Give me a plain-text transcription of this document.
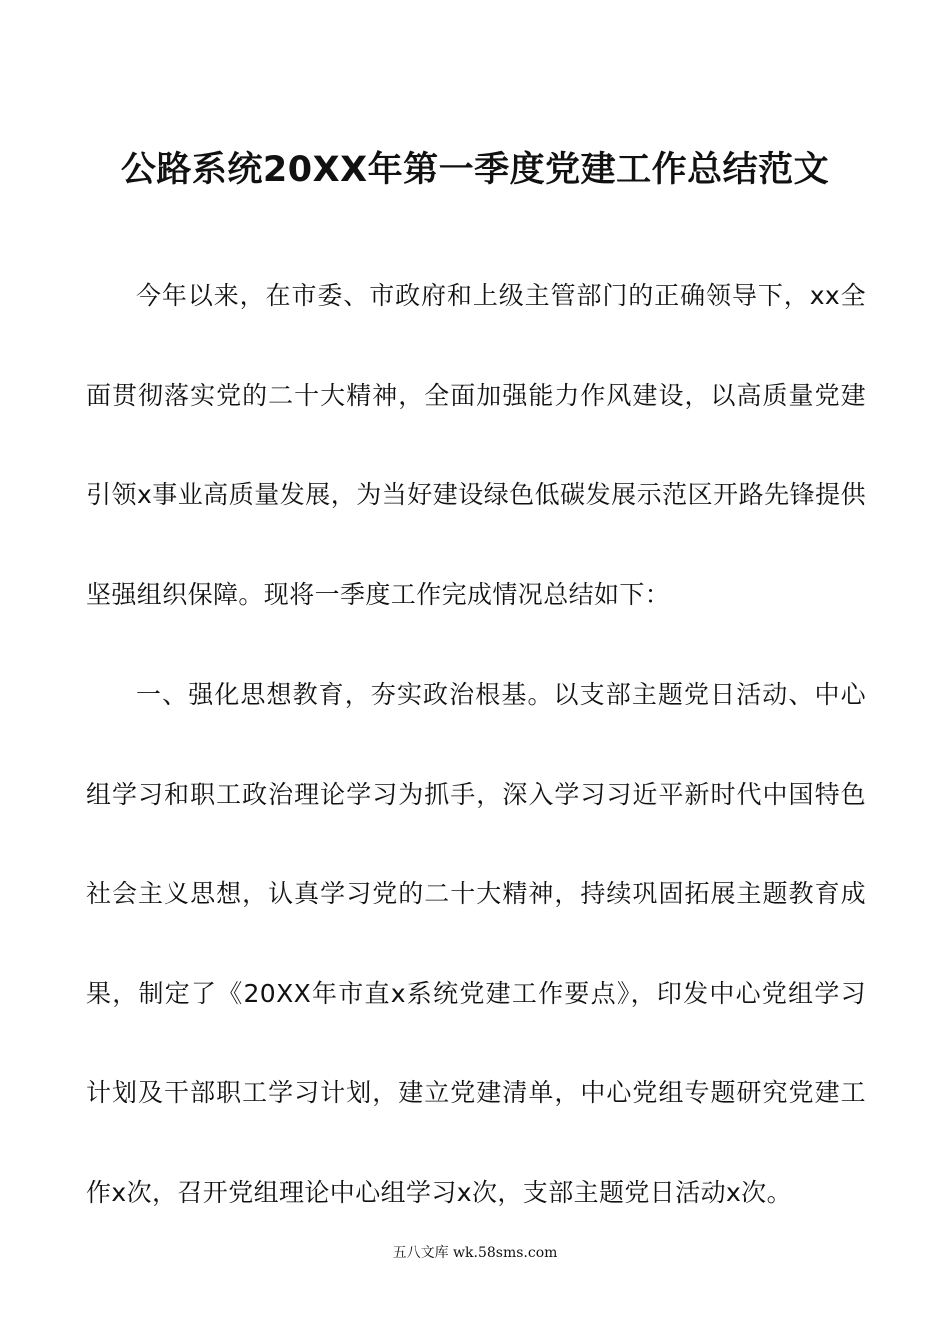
公路系统20XX年第一季度党建工作总结范文

今年以来，在市委、市政府和上级主管部门的正确领导下，xx全面贯彻落实党的二十大精神，全面加强能力作风建设，以高质量党建引领x事业高质量发展，为当好建设绿色低碳发展示范区开路先锋提供坚强组织保障。现将一季度工作完成情况总结如下：

一、强化思想教育，夯实政治根基。以支部主题党日活动、中心组学习和职工政治理论学习为抓手，深入学习习近平新时代中国特色社会主义思想，认真学习党的二十大精神，持续巩固拓展主题教育成果，制定了《20XX年市直x系统党建工作要点》，印发中心党组学习计划及干部职工学习计划，建立党建清单，中心党组专题研究党建工作x次，召开党组理论中心组学习x次，支部主题党日活动x次。

五八文库 wk.58sms.com
